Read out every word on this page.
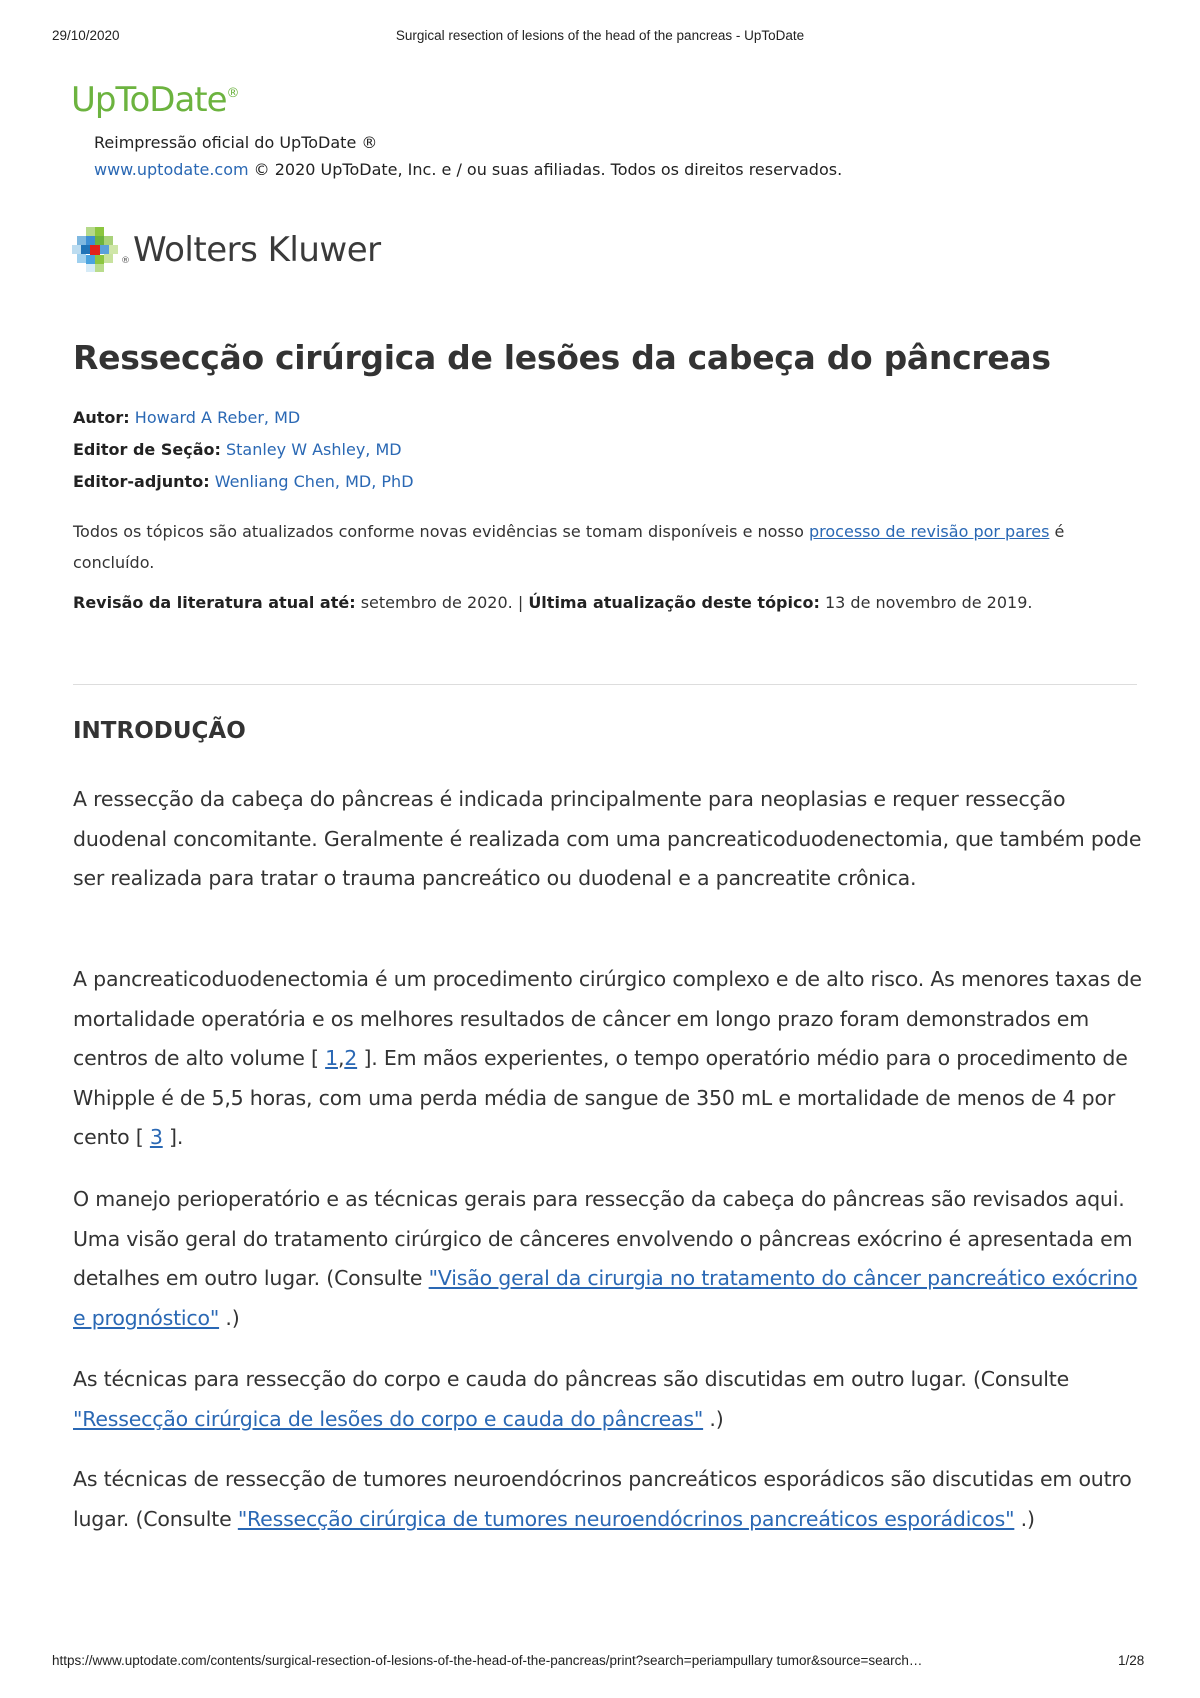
29/10/2020	Surgical resection of lesions of the head of the pancreas - UpToDate
UpToDate®
Reimpressão oficial do UpToDate ®
www.uptodate.com © 2020 UpToDate, Inc. e / ou suas afiliadas. Todos os direitos reservados.
® Wolters Kluwer
Ressecção cirúrgica de lesões da cabeça do pâncreas
Autor: Howard A Reber, MD
Editor de Seção: Stanley W Ashley, MD
Editor-adjunto: Wenliang Chen, MD, PhD
Todos os tópicos são atualizados conforme novas evidências se tomam disponíveis e nosso processo de revisão por pares é concluído.
Revisão da literatura atual até: setembro de 2020. | Última atualização deste tópico: 13 de novembro de 2019.
INTRODUÇÃO

A ressecção da cabeça do pâncreas é indicada principalmente para neoplasias e requer ressecção duodenal concomitante. Geralmente é realizada com uma pancreaticoduodenectomia, que também pode ser realizada para tratar o trauma pancreático ou duodenal e a pancreatite crônica.

A pancreaticoduodenectomia é um procedimento cirúrgico complexo e de alto risco. As menores taxas de mortalidade operatória e os melhores resultados de câncer em longo prazo foram demonstrados em centros de alto volume [ 1,2 ]. Em mãos experientes, o tempo operatório médio para o procedimento de Whipple é de 5,5 horas, com uma perda média de sangue de 350 mL e mortalidade de menos de 4 por cento [ 3 ].

O manejo perioperatório e as técnicas gerais para ressecção da cabeça do pâncreas são revisados aqui. Uma visão geral do tratamento cirúrgico de cânceres envolvendo o pâncreas exócrino é apresentada em detalhes em outro lugar. (Consulte "Visão geral da cirurgia no tratamento do câncer pancreático exócrino e prognóstico" .)

As técnicas para ressecção do corpo e cauda do pâncreas são discutidas em outro lugar. (Consulte "Ressecção cirúrgica de lesões do corpo e cauda do pâncreas" .)

As técnicas de ressecção de tumores neuroendócrinos pancreáticos esporádicos são discutidas em outro lugar. (Consulte "Ressecção cirúrgica de tumores neuroendócrinos pancreáticos esporádicos" .)

https://www.uptodate.com/contents/surgical-resection-of-lesions-of-the-head-of-the-pancreas/print?search=periampullary tumor&source=search…	1/28
